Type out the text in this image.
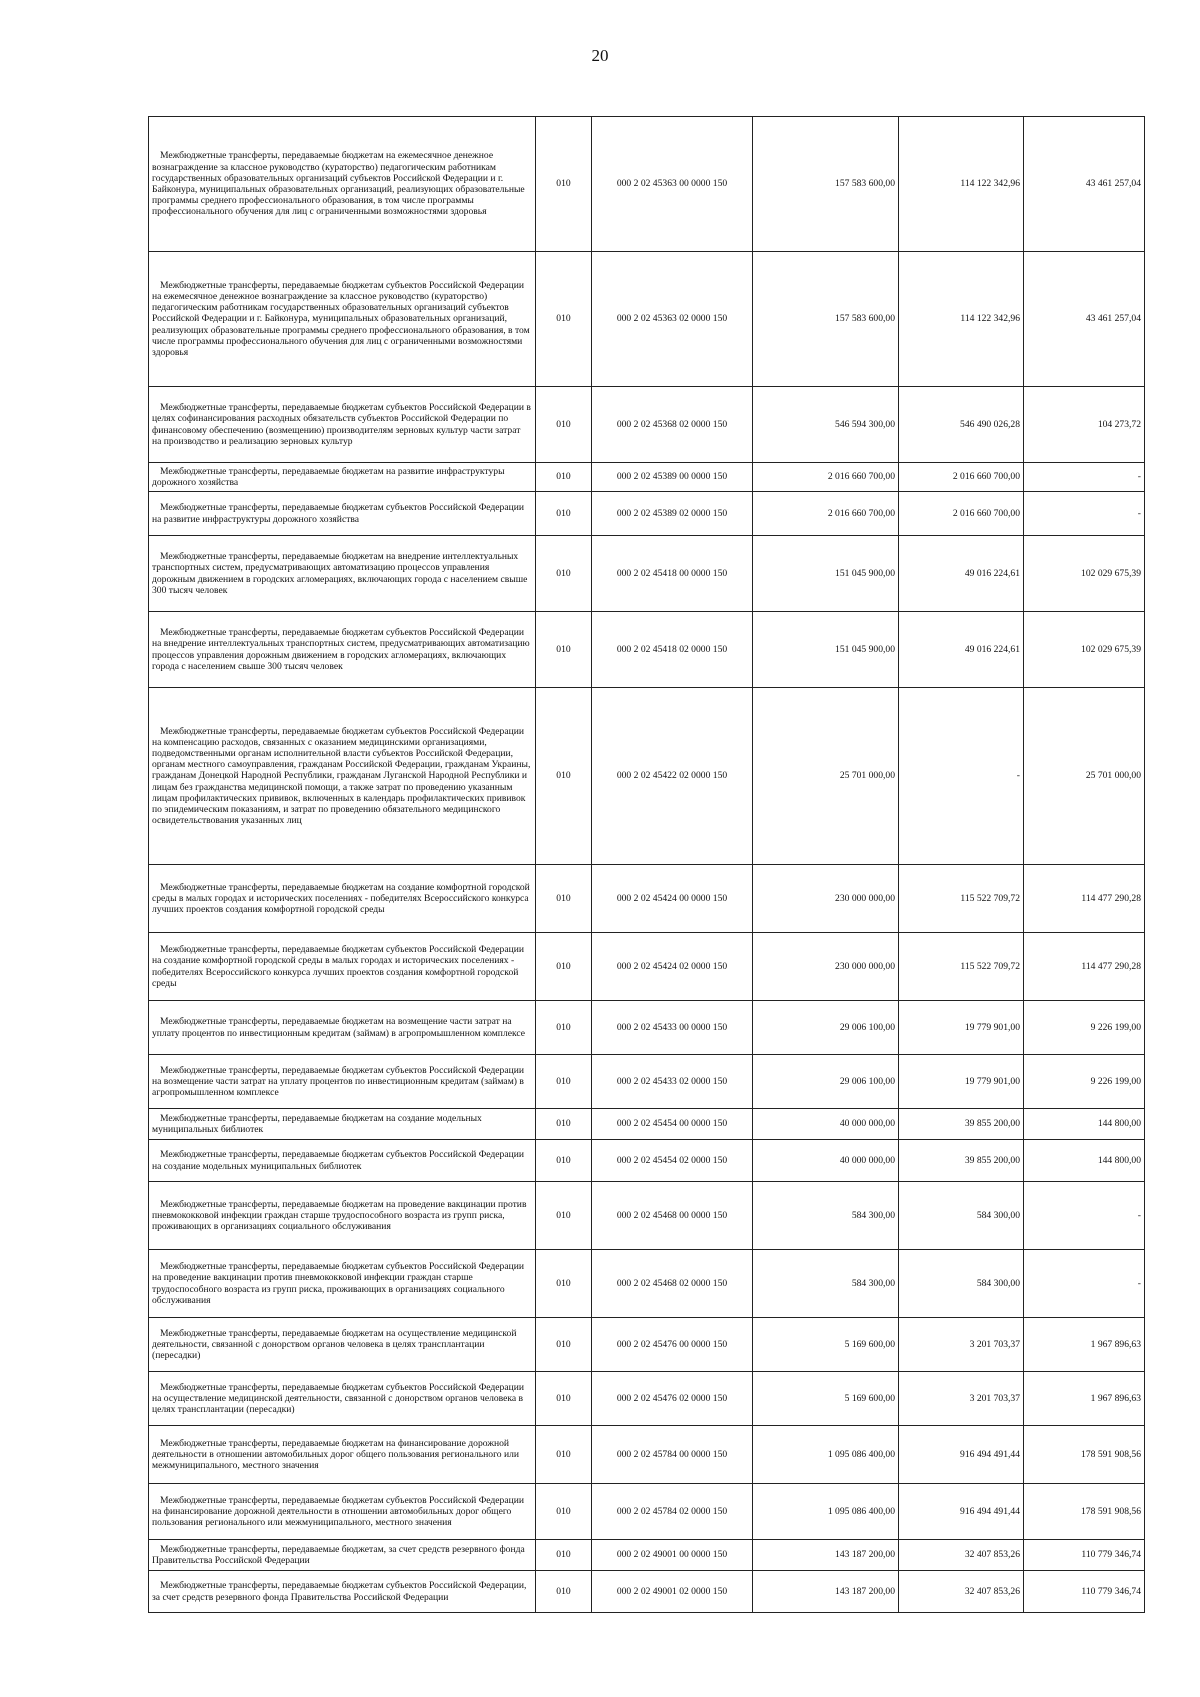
20
Межбюджетные трансферты, передаваемые бюджетам на ежемесячное денежное вознаграждение за классное руководство (кураторство) педагогическим работникам государственных образовательных организаций субъектов Российской Федерации и г. Байконура, муниципальных образовательных организаций, реализующих образовательные программы среднего профессионального образования, в том числе программы профессионального обучения для лиц с ограниченными возможностями здоровья	010	000 2 02 45363 00 0000 150	157 583 600,00	114 122 342,96	43 461 257,04
Межбюджетные трансферты, передаваемые бюджетам субъектов Российской Федерации на ежемесячное денежное вознаграждение за классное руководство (кураторство) педагогическим работникам государственных образовательных организаций субъектов Российской Федерации и г. Байконура, муниципальных образовательных организаций, реализующих образовательные программы среднего профессионального образования, в том числе программы профессионального обучения для лиц с ограниченными возможностями здоровья	010	000 2 02 45363 02 0000 150	157 583 600,00	114 122 342,96	43 461 257,04
Межбюджетные трансферты, передаваемые бюджетам субъектов Российской Федерации в целях софинансирования расходных обязательств субъектов Российской Федерации по финансовому обеспечению (возмещению) производителям зерновых культур части затрат на производство и реализацию зерновых культур	010	000 2 02 45368 02 0000 150	546 594 300,00	546 490 026,28	104 273,72
Межбюджетные трансферты, передаваемые бюджетам на развитие инфраструктуры дорожного хозяйства	010	000 2 02 45389 00 0000 150	2 016 660 700,00	2 016 660 700,00	-
Межбюджетные трансферты, передаваемые бюджетам субъектов Российской Федерации на развитие инфраструктуры дорожного хозяйства	010	000 2 02 45389 02 0000 150	2 016 660 700,00	2 016 660 700,00	-
Межбюджетные трансферты, передаваемые бюджетам на внедрение интеллектуальных транспортных систем, предусматривающих автоматизацию процессов управления дорожным движением в городских агломерациях, включающих города с населением свыше 300 тысяч человек	010	000 2 02 45418 00 0000 150	151 045 900,00	49 016 224,61	102 029 675,39
Межбюджетные трансферты, передаваемые бюджетам субъектов Российской Федерации на внедрение интеллектуальных транспортных систем, предусматривающих автоматизацию процессов управления дорожным движением в городских агломерациях, включающих города с населением свыше 300 тысяч человек	010	000 2 02 45418 02 0000 150	151 045 900,00	49 016 224,61	102 029 675,39
Межбюджетные трансферты, передаваемые бюджетам субъектов Российской Федерации на компенсацию расходов, связанных с оказанием медицинскими организациями, подведомственными органам исполнительной власти субъектов Российской Федерации, органам местного самоуправления, гражданам Российской Федерации, гражданам Украины, гражданам Донецкой Народной Республики, гражданам Луганской Народной Республики и лицам без гражданства медицинской помощи, а также затрат по проведению указанным лицам профилактических прививок, включенных в календарь профилактических прививок по эпидемическим показаниям, и затрат по проведению обязательного медицинского освидетельствования указанных лиц	010	000 2 02 45422 02 0000 150	25 701 000,00	-	25 701 000,00
Межбюджетные трансферты, передаваемые бюджетам на создание комфортной городской среды в малых городах и исторических поселениях - победителях Всероссийского конкурса лучших проектов создания комфортной городской среды	010	000 2 02 45424 00 0000 150	230 000 000,00	115 522 709,72	114 477 290,28
Межбюджетные трансферты, передаваемые бюджетам субъектов Российской Федерации на создание комфортной городской среды в малых городах и исторических поселениях - победителях Всероссийского конкурса лучших проектов создания комфортной городской среды	010	000 2 02 45424 02 0000 150	230 000 000,00	115 522 709,72	114 477 290,28
Межбюджетные трансферты, передаваемые бюджетам на возмещение части затрат на уплату процентов по инвестиционным кредитам (займам) в агропромышленном комплексе	010	000 2 02 45433 00 0000 150	29 006 100,00	19 779 901,00	9 226 199,00
Межбюджетные трансферты, передаваемые бюджетам субъектов Российской Федерации на возмещение части затрат на уплату процентов по инвестиционным кредитам (займам) в агропромышленном комплексе	010	000 2 02 45433 02 0000 150	29 006 100,00	19 779 901,00	9 226 199,00
Межбюджетные трансферты, передаваемые бюджетам на создание модельных муниципальных библиотек	010	000 2 02 45454 00 0000 150	40 000 000,00	39 855 200,00	144 800,00
Межбюджетные трансферты, передаваемые бюджетам субъектов Российской Федерации на создание модельных муниципальных библиотек	010	000 2 02 45454 02 0000 150	40 000 000,00	39 855 200,00	144 800,00
Межбюджетные трансферты, передаваемые бюджетам на проведение вакцинации против пневмококковой инфекции граждан старше трудоспособного возраста из групп риска, проживающих в организациях социального обслуживания	010	000 2 02 45468 00 0000 150	584 300,00	584 300,00	-
Межбюджетные трансферты, передаваемые бюджетам субъектов Российской Федерации на проведение вакцинации против пневмококковой инфекции граждан старше трудоспособного возраста из групп риска, проживающих в организациях социального обслуживания	010	000 2 02 45468 02 0000 150	584 300,00	584 300,00	-
Межбюджетные трансферты, передаваемые бюджетам на осуществление медицинской деятельности, связанной с донорством органов человека в целях трансплантации (пересадки)	010	000 2 02 45476 00 0000 150	5 169 600,00	3 201 703,37	1 967 896,63
Межбюджетные трансферты, передаваемые бюджетам субъектов Российской Федерации на осуществление медицинской деятельности, связанной с донорством органов человека в целях трансплантации (пересадки)	010	000 2 02 45476 02 0000 150	5 169 600,00	3 201 703,37	1 967 896,63
Межбюджетные трансферты, передаваемые бюджетам на финансирование дорожной деятельности в отношении автомобильных дорог общего пользования регионального или межмуниципального, местного значения	010	000 2 02 45784 00 0000 150	1 095 086 400,00	916 494 491,44	178 591 908,56
Межбюджетные трансферты, передаваемые бюджетам субъектов Российской Федерации на финансирование дорожной деятельности в отношении автомобильных дорог общего пользования регионального или межмуниципального, местного значения	010	000 2 02 45784 02 0000 150	1 095 086 400,00	916 494 491,44	178 591 908,56
Межбюджетные трансферты, передаваемые бюджетам, за счет средств резервного фонда Правительства Российской Федерации	010	000 2 02 49001 00 0000 150	143 187 200,00	32 407 853,26	110 779 346,74
Межбюджетные трансферты, передаваемые бюджетам субъектов Российской Федерации, за счет средств резервного фонда Правительства Российской Федерации	010	000 2 02 49001 02 0000 150	143 187 200,00	32 407 853,26	110 779 346,74
